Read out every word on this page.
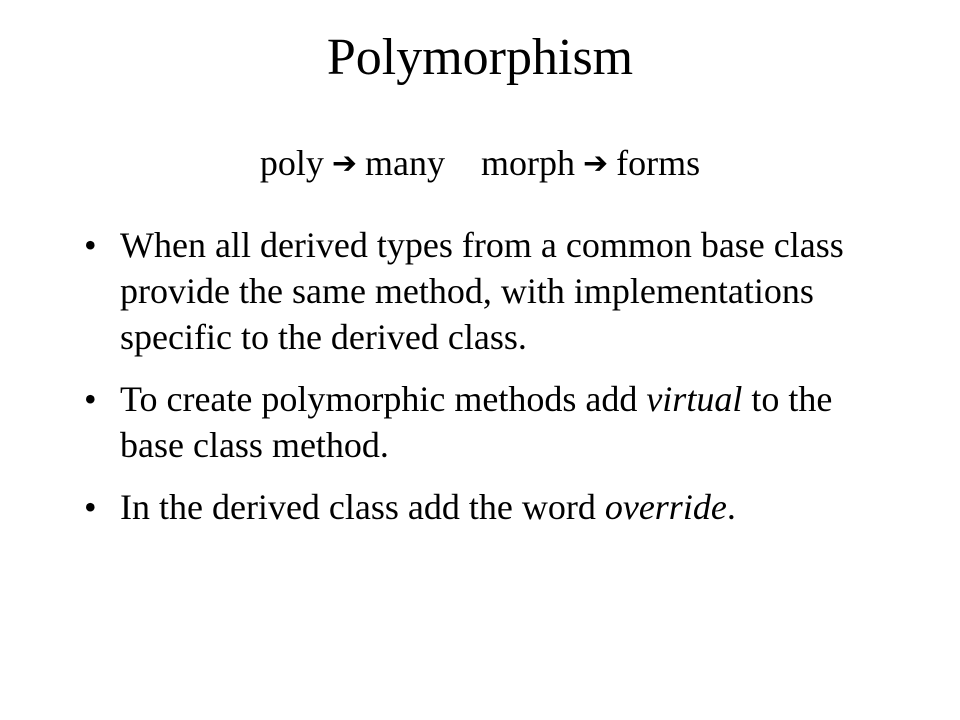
Polymorphism
poly ➔ many morph ➔ forms
• When all derived types from a common base class provide the same method, with implementations specific to the derived class.
• To create polymorphic methods add virtual to the base class method.
• In the derived class add the word override.
